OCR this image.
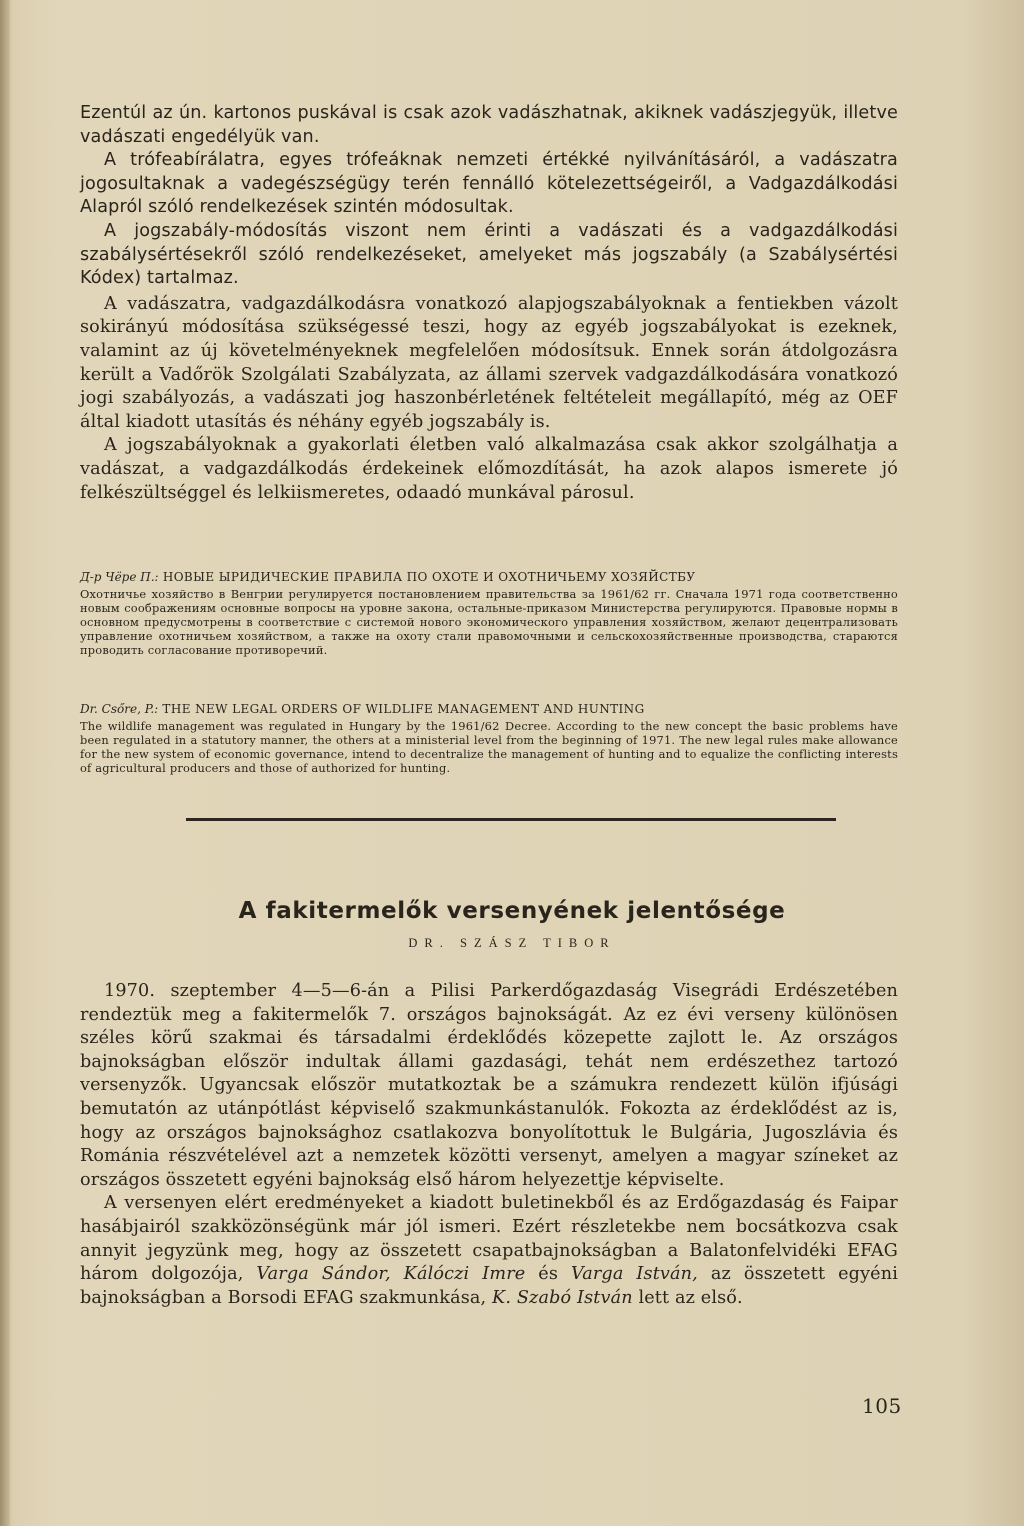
Ezentúl az ún. kartonos puskával is csak azok vadászhatnak, akiknek vadászjegyük, illetve vadászati engedélyük van.

A trófeabírálatra, egyes trófeáknak nemzeti értékké nyilvánításáról, a vadászatra jogosultaknak a vadegészségügy terén fennálló kötelezettségeiről, a Vadgazdálkodási Alapról szóló rendelkezések szintén módosultak.

A jogszabály-módosítás viszont nem érinti a vadászati és a vadgazdálkodási szabálysértésekről szóló rendelkezéseket, amelyeket más jogszabály (a Szabálysértési Kódex) tartalmaz.

A vadászatra, vadgazdálkodásra vonatkozó alapjogszabályoknak a fentiekben vázolt sokirányú módosítása szükségessé teszi, hogy az egyéb jogszabályokat is ezeknek, valamint az új követelményeknek megfelelően módosítsuk. Ennek során átdolgozásra került a Vadőrök Szolgálati Szabályzata, az állami szervek vadgazdálkodására vonatkozó jogi szabályozás, a vadászati jog haszonbérletének feltételeit megállapító, még az OEF által kiadott utasítás és néhány egyéb jogszabály is.

A jogszabályoknak a gyakorlati életben való alkalmazása csak akkor szolgálhatja a vadászat, a vadgazdálkodás érdekeinek előmozdítását, ha azok alapos ismerete jó felkészültséggel és lelkiismeretes, odaadó munkával párosul.

Д-р Чёре П.: НОВЫЕ ЫРИДИЧЕСКИЕ ПРАВИЛА ПО ОХОТЕ И ОХОТНИЧЬЕМУ ХОЗЯЙСТБУ

Охотничье хозяйство в Венгрии регулируется постановлением правительства за 1961/62 гг. Сначала 1971 года соответственно новым соображениям основные вопросы на уровне закона, остальные-приказом Министерства регулируются. Правовые нормы в основном предусмотрены в соответствие с системой нового экономического управления хозяйством, желают децентрализовать управление охотничьем хозяйством, а также на охоту стали правомочными и сельскохозяйственные производства, стараются проводить согласование противоречий.

Dr. Csőre, P.: THE NEW LEGAL ORDERS OF WILDLIFE MANAGEMENT AND HUNTING

The wildlife management was regulated in Hungary by the 1961/62 Decree. According to the new concept the basic problems have been regulated in a statutory manner, the others at a ministerial level from the beginning of 1971. The new legal rules make allowance for the new system of economic governance, intend to decentralize the management of hunting and to equalize the conflicting interests of agricultural producers and those of authorized for hunting.

A fakitermelők versenyének jelentősége
DR. SZÁSZ TIBOR

1970. szeptember 4—5—6-án a Pilisi Parkerdőgazdaság Visegrádi Erdészetében rendeztük meg a fakitermelők 7. országos bajnokságát. Az ez évi verseny különösen széles körű szakmai és társadalmi érdeklődés közepette zajlott le. Az országos bajnokságban először indultak állami gazdasági, tehát nem erdészethez tartozó versenyzők. Ugyancsak először mutatkoztak be a számukra rendezett külön ifjúsági bemutatón az utánpótlást képviselő szakmunkástanulók. Fokozta az érdeklődést az is, hogy az országos bajnoksághoz csatlakozva bonyolítottuk le Bulgária, Jugoszlávia és Románia részvételével azt a nemzetek közötti versenyt, amelyen a magyar színeket az országos összetett egyéni bajnokság első három helyezettje képviselte.

A versenyen elért eredményeket a kiadott buletinekből és az Erdőgazdaság és Faipar hasábjairól szakközönségünk már jól ismeri. Ezért részletekbe nem bocsátkozva csak annyit jegyzünk meg, hogy az összetett csapatbajnokságban a Balatonfelvidéki EFAG három dolgozója, Varga Sándor, Kálóczi Imre és Varga István, az összetett egyéni bajnokságban a Borsodi EFAG szakmunkása, K. Szabó István lett az első.

105
